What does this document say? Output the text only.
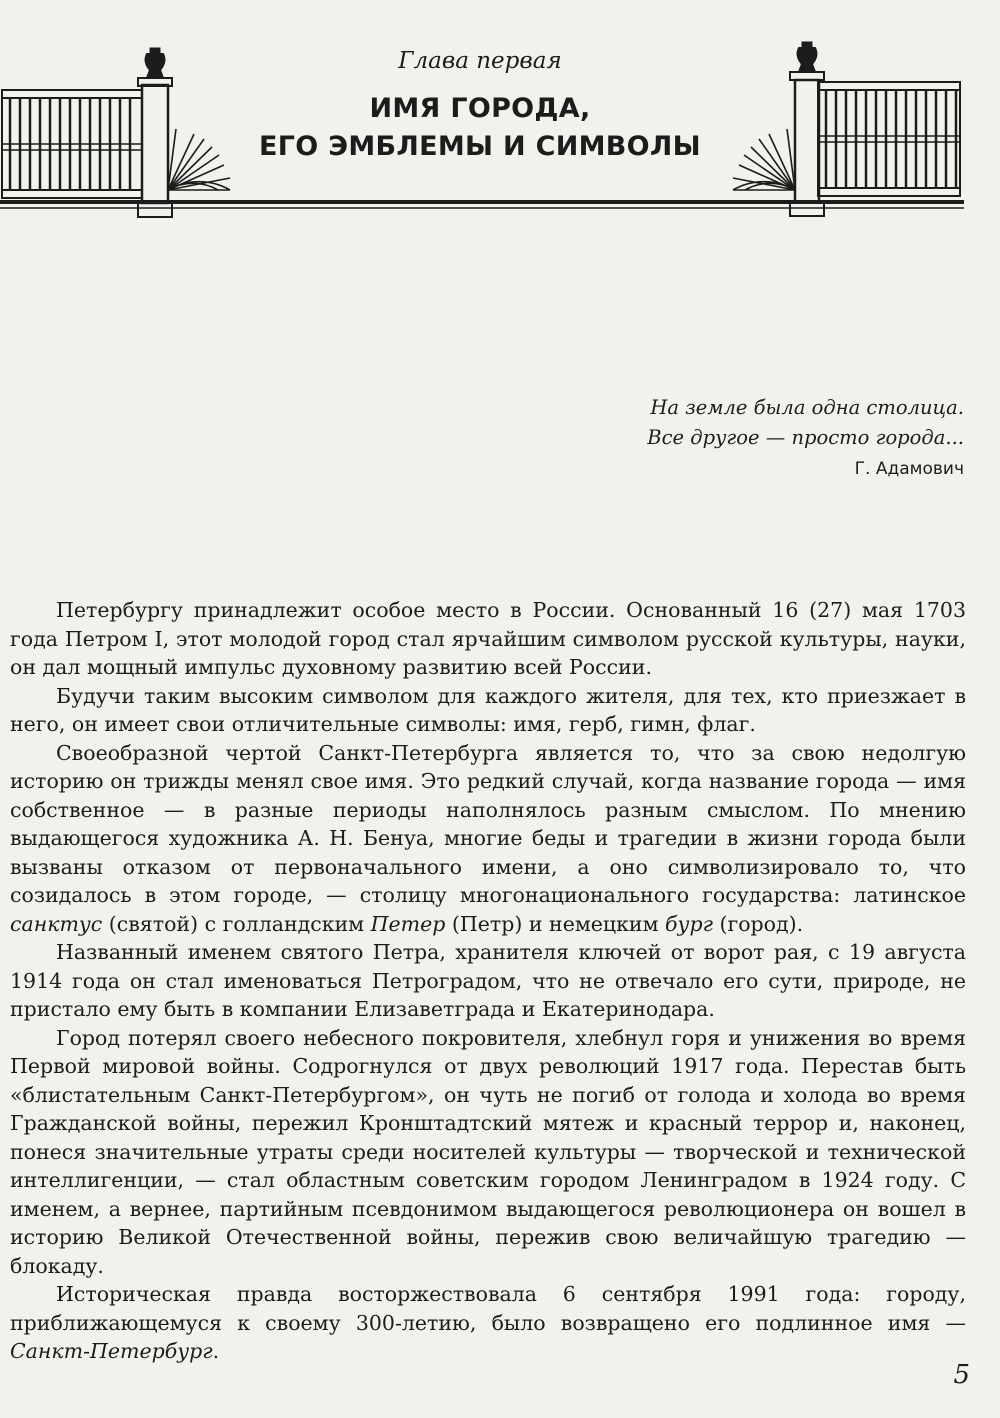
Глава первая
ИМЯ ГОРОДА,
ЕГО ЭМБЛЕМЫ И СИМВОЛЫ
На земле была одна столица.
Все другое — просто города...
Г. Адамович

Петербургу принадлежит особое место в России. Основанный 16 (27) мая 1703 года Петром I, этот молодой город стал ярчайшим символом русской культуры, науки, он дал мощный импульс духовному развитию всей России.

Будучи таким высоким символом для каждого жителя, для тех, кто приезжает в него, он имеет свои отличительные символы: имя, герб, гимн, флаг.

Своеобразной чертой Санкт-Петербурга является то, что за свою недолгую историю он трижды менял свое имя. Это редкий случай, когда название города — имя собственное — в разные периоды наполнялось разным смыслом. По мнению выдающегося художника А. Н. Бенуа, многие беды и трагедии в жизни города были вызваны отказом от первоначального имени, а оно символизировало то, что созидалось в этом городе, — столицу многонационального государства: латинское санктус (святой) с голландским Петер (Петр) и немецким бург (город).

Названный именем святого Петра, хранителя ключей от ворот рая, с 19 августа 1914 года он стал именоваться Петроградом, что не отвечало его сути, природе, не пристало ему быть в компании Елизаветграда и Екатеринодара.

Город потерял своего небесного покровителя, хлебнул горя и унижения во время Первой мировой войны. Содрогнулся от двух революций 1917 года. Перестав быть «блистательным Санкт-Петербургом», он чуть не погиб от голода и холода во время Гражданской войны, пережил Кронштадтский мятеж и красный террор и, наконец, понеся значительные утраты среди носителей культуры — творческой и технической интеллигенции, — стал областным советским городом Ленинградом в 1924 году. С именем, а вернее, партийным псевдонимом выдающегося революционера он вошел в историю Великой Отечественной войны, пережив свою величайшую трагедию — блокаду.

Историческая правда восторжествовала 6 сентября 1991 года: городу, приближающемуся к своему 300-летию, было возвращено его подлинное имя — Санкт-Петербург.

5
